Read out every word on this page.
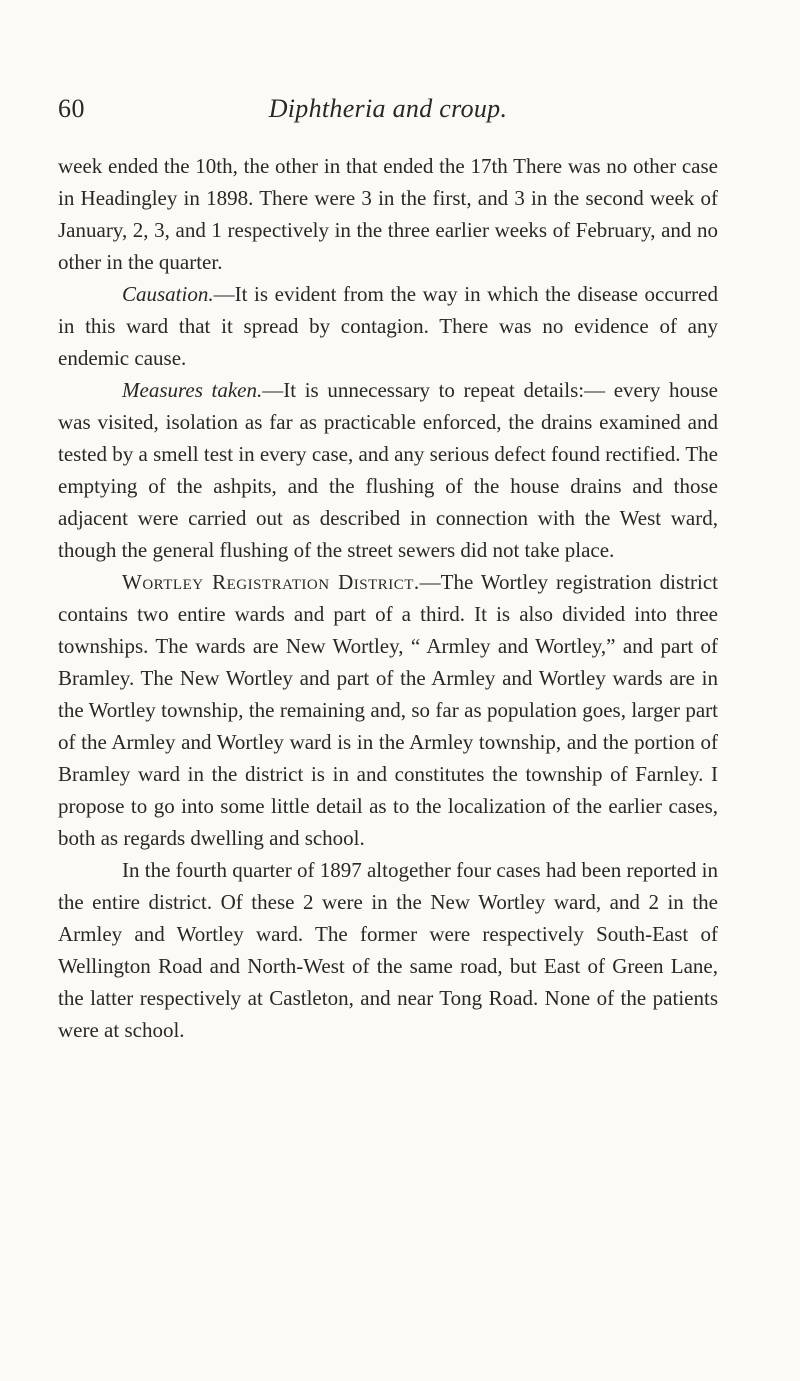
60	Diphtheria and croup.

week ended the 10th, the other in that ended the 17th There was no other case in Headingley in 1898. There were 3 in the first, and 3 in the second week of January, 2, 3, and 1 respectively in the three earlier weeks of February, and no other in the quarter.

Causation.—It is evident from the way in which the disease occurred in this ward that it spread by contagion. There was no evidence of any endemic cause.

Measures taken.—It is unnecessary to repeat details:— every house was visited, isolation as far as practicable enforced, the drains examined and tested by a smell test in every case, and any serious defect found rectified. The emptying of the ashpits, and the flushing of the house drains and those adjacent were carried out as described in connection with the West ward, though the general flushing of the street sewers did not take place.

Wortley Registration District.—The Wortley registration district contains two entire wards and part of a third. It is also divided into three townships. The wards are New Wortley, “ Armley and Wortley,” and part of Bramley. The New Wortley and part of the Armley and Wortley wards are in the Wortley township, the remaining and, so far as population goes, larger part of the Armley and Wortley ward is in the Armley township, and the portion of Bramley ward in the district is in and constitutes the township of Farnley. I propose to go into some little detail as to the localization of the earlier cases, both as regards dwelling and school.

In the fourth quarter of 1897 altogether four cases had been reported in the entire district. Of these 2 were in the New Wortley ward, and 2 in the Armley and Wortley ward. The former were respectively South-East of Wellington Road and North-West of the same road, but East of Green Lane, the latter respectively at Castleton, and near Tong Road. None of the patients were at school.
